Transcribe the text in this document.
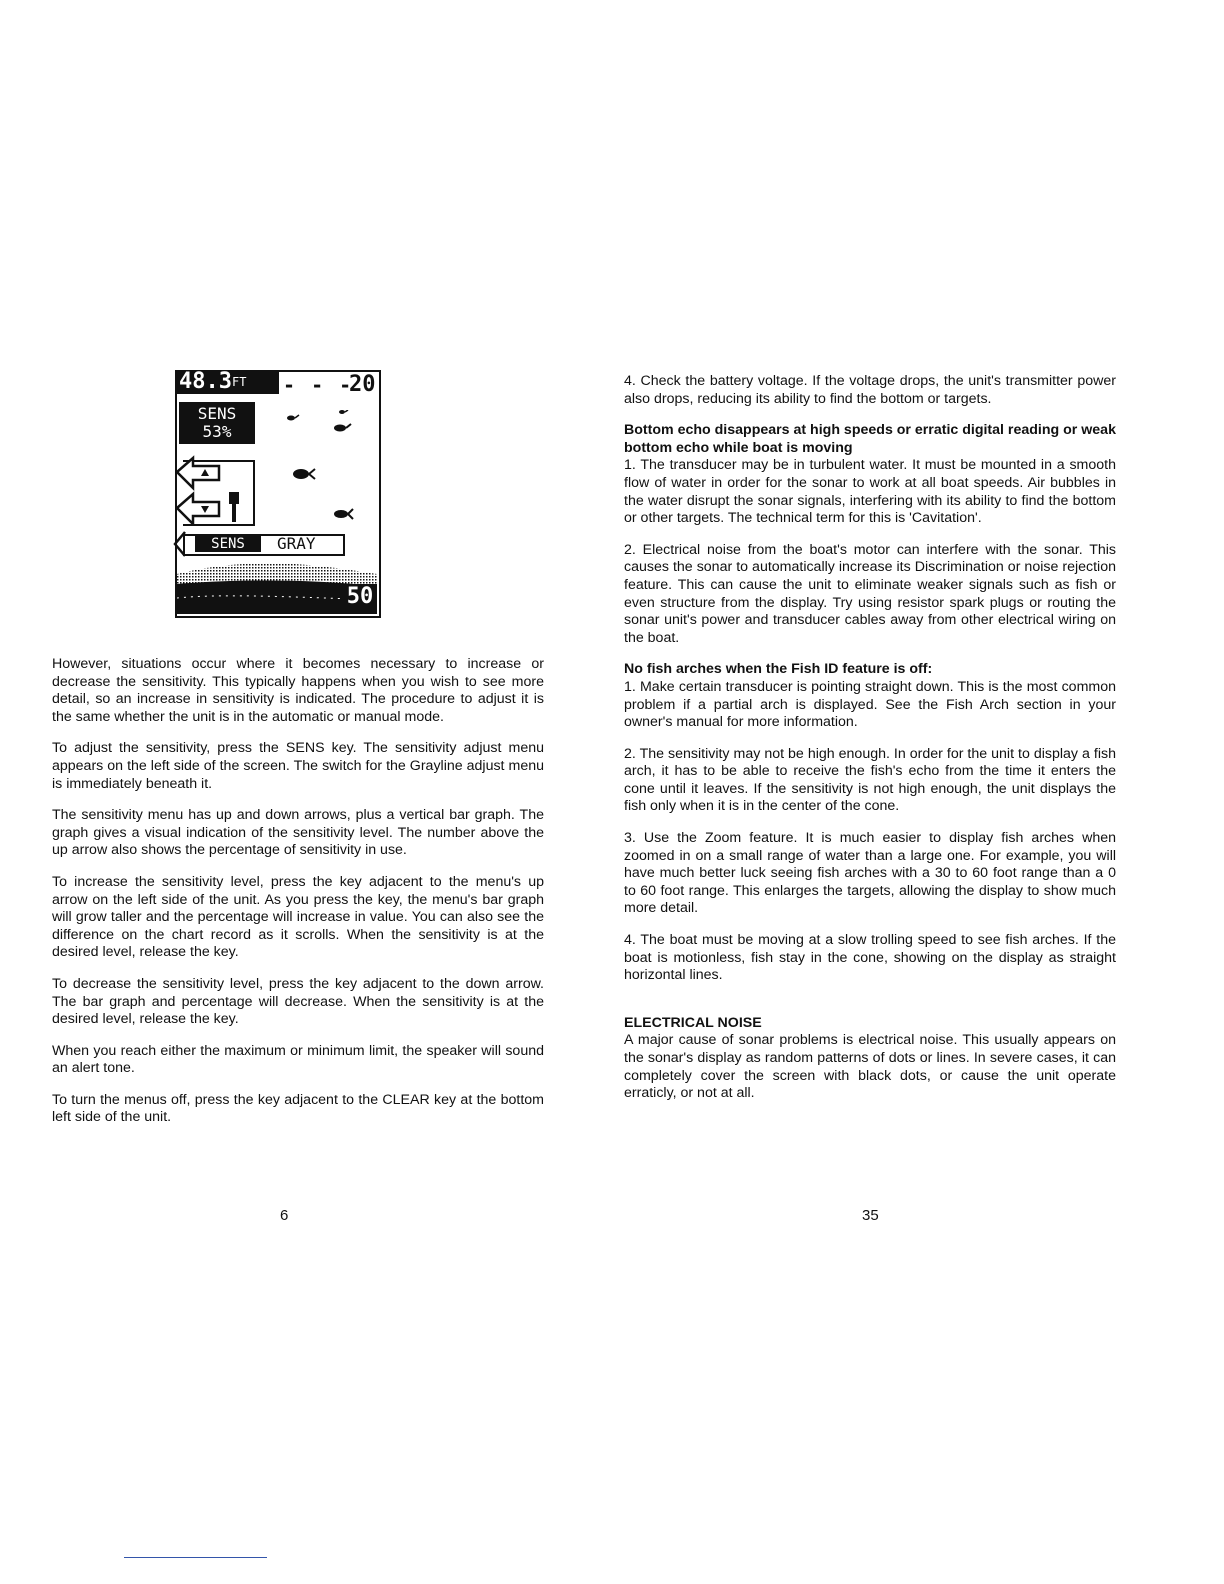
$48.3^{FT}$	- - -
20
SENS
53%
SENS	GRAY
50

However, situations occur where it becomes necessary to increase or decrease the sensitivity. This typically happens when you wish to see more detail, so an increase in sensitivity is indicated. The procedure to adjust it is the same whether the unit is in the automatic or manual mode.

To adjust the sensitivity, press the SENS key. The sensitivity adjust menu appears on the left side of the screen. The switch for the Grayline adjust menu is immediately beneath it.

The sensitivity menu has up and down arrows, plus a vertical bar graph. The graph gives a visual indication of the sensitivity level. The number above the up arrow also shows the percentage of sensitivity in use.

To increase the sensitivity level, press the key adjacent to the menu's up arrow on the left side of the unit. As you press the key, the menu's bar graph will grow taller and the percentage will increase in value. You can also see the difference on the chart record as it scrolls. When the sensitivity is at the desired level, release the key.

To decrease the sensitivity level, press the key adjacent to the down arrow. The bar graph and percentage will decrease. When the sensitivity is at the desired level, release the key.

When you reach either the maximum or minimum limit, the speaker will sound an alert tone.

To turn the menus off, press the key adjacent to the CLEAR key at the bottom left side of the unit.

6

4. Check the battery voltage. If the voltage drops, the unit's transmitter power also drops, reducing its ability to find the bottom or targets.

Bottom echo disappears at high speeds or erratic digital reading or weak bottom echo while boat is moving

1. The transducer may be in turbulent water. It must be mounted in a smooth flow of water in order for the sonar to work at all boat speeds. Air bubbles in the water disrupt the sonar signals, interfering with its ability to find the bottom or other targets. The technical term for this is 'Cavitation'.

2. Electrical noise from the boat's motor can interfere with the sonar. This causes the sonar to automatically increase its Discrimination or noise rejection feature. This can cause the unit to eliminate weaker signals such as fish or even structure from the display. Try using resistor spark plugs or routing the sonar unit's power and transducer cables away from other electrical wiring on the boat.

No fish arches when the Fish ID feature is off:

1. Make certain transducer is pointing straight down. This is the most common problem if a partial arch is displayed. See the Fish Arch section in your owner's manual for more information.

2. The sensitivity may not be high enough. In order for the unit to display a fish arch, it has to be able to receive the fish's echo from the time it enters the cone until it leaves. If the sensitivity is not high enough, the unit displays the fish only when it is in the center of the cone.

3. Use the Zoom feature. It is much easier to display fish arches when zoomed in on a small range of water than a large one. For example, you will have much better luck seeing fish arches with a 30 to 60 foot range than a 0 to 60 foot range. This enlarges the targets, allowing the display to show much more detail.

4. The boat must be moving at a slow trolling speed to see fish arches. If the boat is motionless, fish stay in the cone, showing on the display as straight horizontal lines.

ELECTRICAL NOISE

A major cause of sonar problems is electrical noise. This usually appears on the sonar's display as random patterns of dots or lines. In severe cases, it can completely cover the screen with black dots, or cause the unit operate erraticly, or not at all.

35
